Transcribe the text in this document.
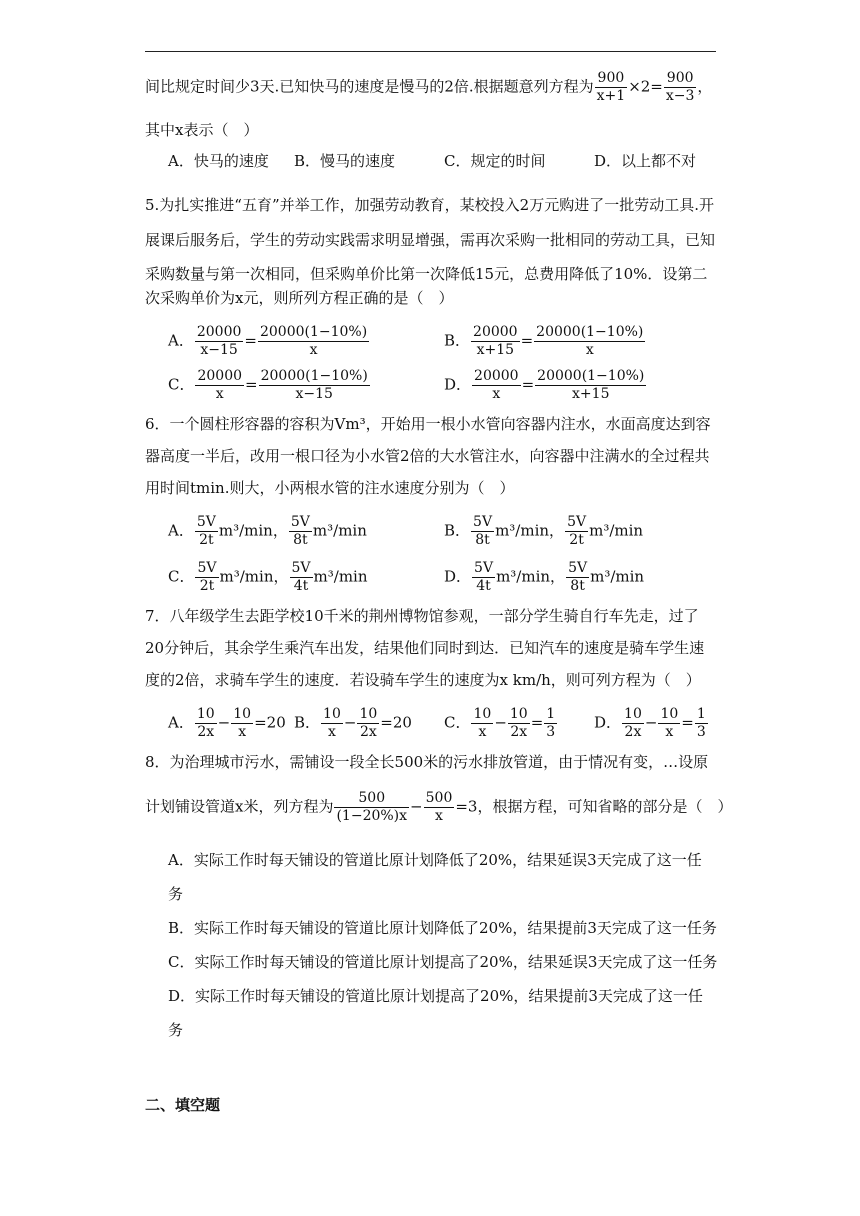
间比规定时间少3天.已知快马的速度是慢马的2倍.根据题意列方程为 $\frac{900}{x+1} \times 2= \frac{900}{x-3}$ ，
其中x表示（　）
A．快马的速度 B．慢马的速度	C．规定的时间	D．以上都不对
5.为扎实推进“五育”并举工作，加强劳动教育，某校投入2万元购进了一批劳动工具.开
展课后服务后，学生的劳动实践需求明显增强，需再次采购一批相同的劳动工具，已知
采购数量与第一次相同，但采购单价比第一次降低15元，总费用降低了10%．设第二
次采购单价为x元，则所列方程正确的是（　）
A． $\frac{20000}{x-15} = \frac{20000(1-10\%)}{x}$	B． $\frac{20000}{x+15} = \frac{20000(1-10\%)}{x}$
C． $\frac{20000}{x} = \frac{20000(1-10\%)}{x-15}$	D． $\frac{20000}{x} = \frac{20000(1-10\%)}{x+15}$
6．一个圆柱形容器的容积为Vm³，开始用一根小水管向容器内注水，水面高度达到容
器高度一半后，改用一根口径为小水管2倍的大水管注水，向容器中注满水的全过程共
用时间tmin.则大，小两根水管的注水速度分别为（　）
A． $\frac{5V}{2t} m^3/\min$， $\frac{5V}{8t} m^3/\min$	B． $\frac{5V}{8t} m^3/\min$， $\frac{5V}{2t} m^3/\min$
C． $\frac{5V}{2t} m^3/\min$， $\frac{5V}{4t} m^3/\min$	D． $\frac{5V}{4t} m^3/\min$， $\frac{5V}{8t} m^3/\min$
7．八年级学生去距学校10千米的荆州博物馆参观，一部分学生骑自行车先走，过了
20分钟后，其余学生乘汽车出发，结果他们同时到达．已知汽车的速度是骑车学生速
度的2倍，求骑车学生的速度．若设骑车学生的速度为x km/h，则可列方程为（　）
A． $\frac{10}{2x} - \frac{10}{x} =20$ B． $\frac{10}{x} - \frac{10}{2x} =20$ C． $\frac{10}{x} - \frac{10}{2x} = \frac{1}{3}$ D． $\frac{10}{2x} - \frac{10}{x} = \frac{1}{3}$
8．为治理城市污水，需铺设一段全长500米的污水排放管道，由于情况有变，…设原
计划铺设管道x米，列方程为 $\frac{500}{(1-20\%)x} - \frac{500}{x} =3$，根据方程，可知省略的部分是（　）
A．实际工作时每天铺设的管道比原计划降低了20%，结果延误3天完成了这一任
务
B．实际工作时每天铺设的管道比原计划降低了20%，结果提前3天完成了这一任务
C．实际工作时每天铺设的管道比原计划提高了20%，结果延误3天完成了这一任务
D．实际工作时每天铺设的管道比原计划提高了20%，结果提前3天完成了这一任
务
二、填空题
